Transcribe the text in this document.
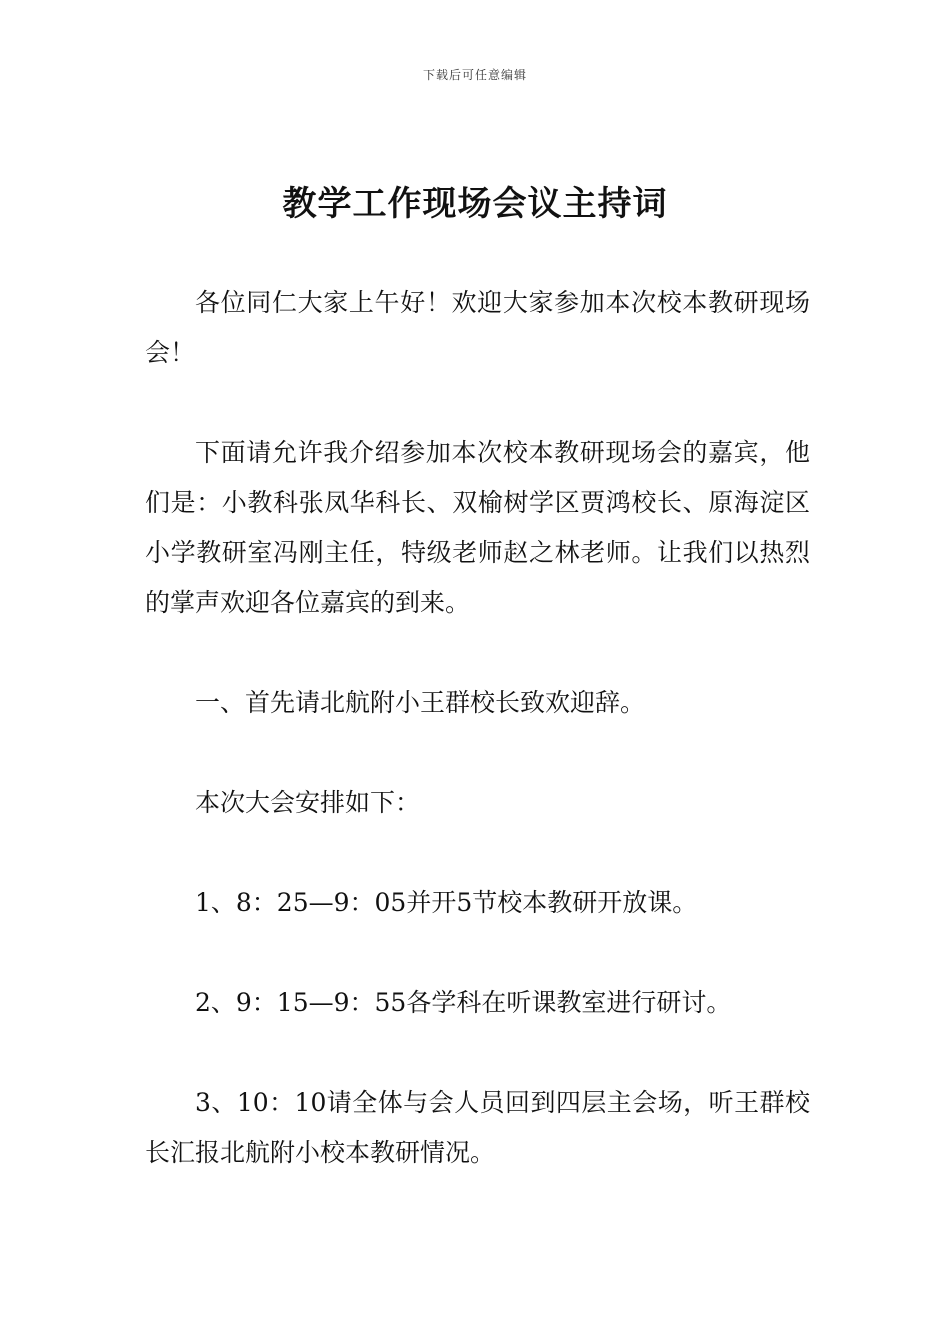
下载后可任意编辑
教学工作现场会议主持词

各位同仁大家上午好！欢迎大家参加本次校本教研现场会！

下面请允许我介绍参加本次校本教研现场会的嘉宾，他们是：小教科张凤华科长、双榆树学区贾鸿校长、原海淀区小学教研室冯刚主任，特级老师赵之林老师。让我们以热烈的掌声欢迎各位嘉宾的到来。

一、首先请北航附小王群校长致欢迎辞。

本次大会安排如下：

1、8：25—9：05并开5节校本教研开放课。

2、9：15—9：55各学科在听课教室进行研讨。

3、10：10请全体与会人员回到四层主会场，听王群校长汇报北航附小校本教研情况。
